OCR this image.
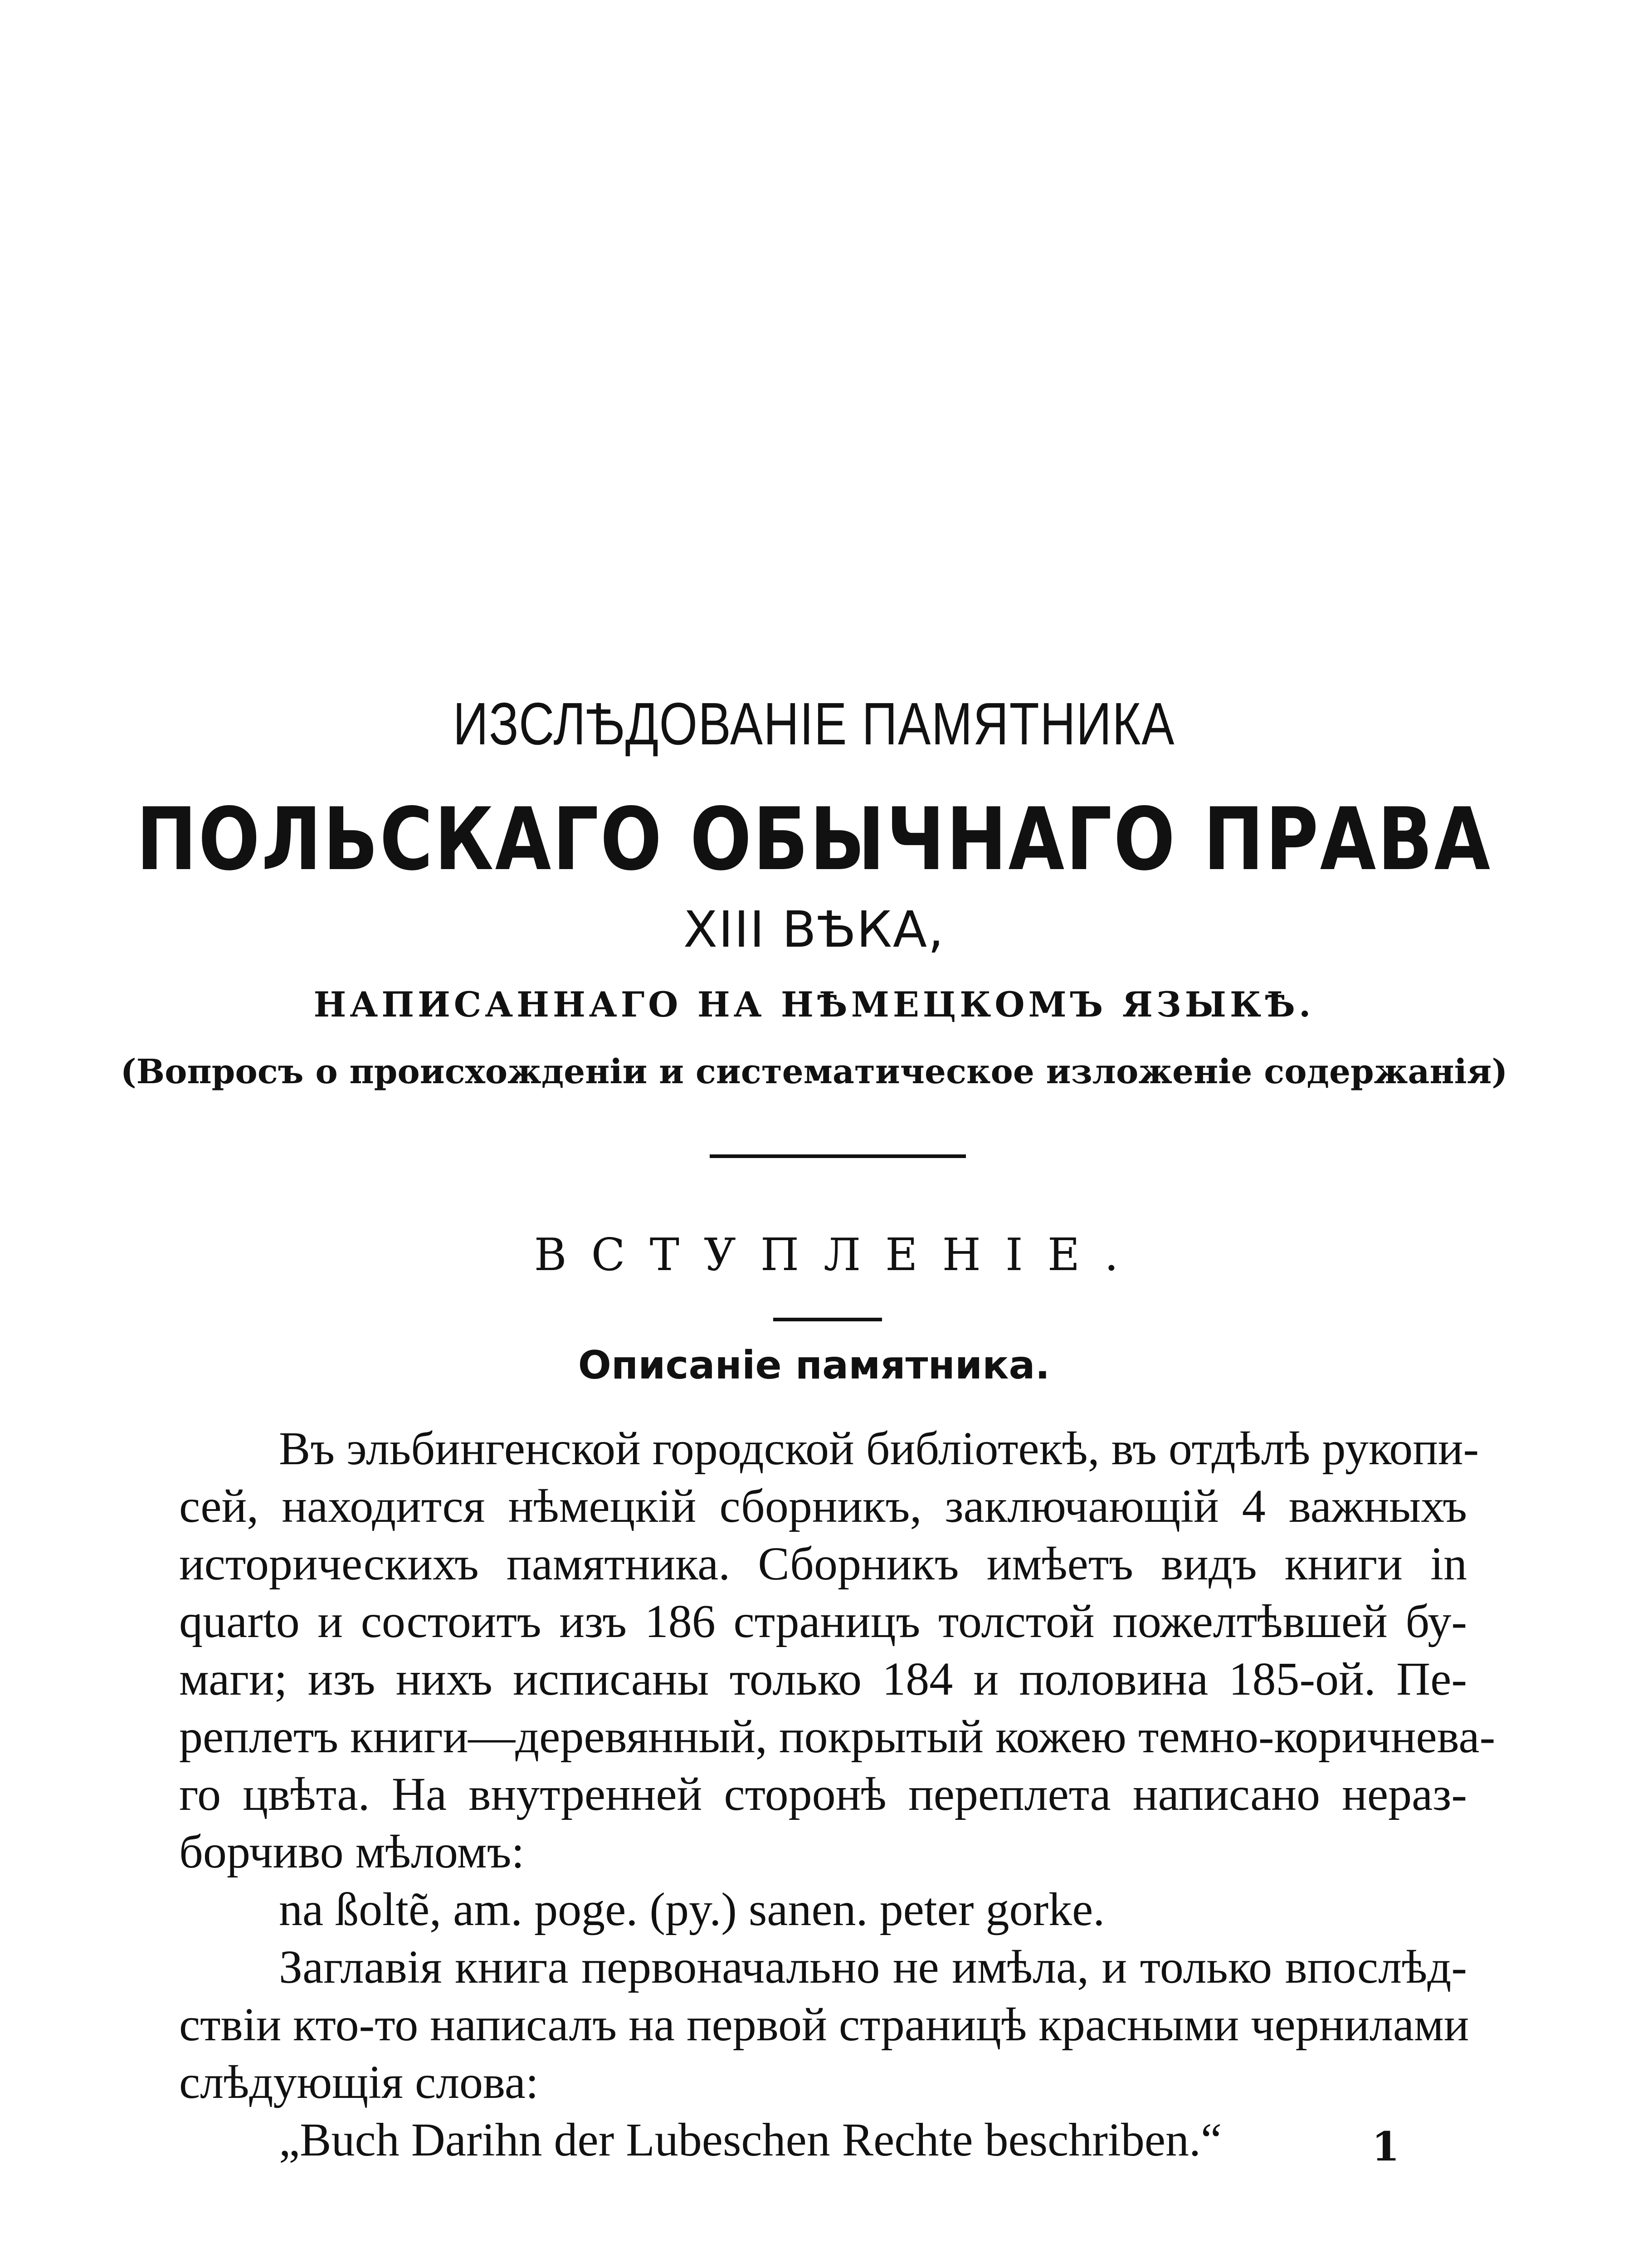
ИЗСЛѢДОВАНІЕ ПАМЯТНИКА
ПОЛЬСКАГО ОБЫЧНАГО ПРАВА
XIII ВѢКА,
НАПИСАННАГО НА НѢМЕЦКОМЪ ЯЗЫКѢ.
(Вопросъ о происхожденіи и систематическое изложеніе содержанія)
ВСТУПЛЕНІЕ.
Описаніе памятника.
Въ эльбингенской городской библіотекѣ, въ отдѣлѣ рукопи-
сей, находится нѣмецкій сборникъ, заключающій 4 важныхъ
историческихъ памятника. Сборникъ имѣетъ видъ книги in
quarto и состоитъ изъ 186 страницъ толстой пожелтѣвшей бу-
маги; изъ нихъ исписаны только 184 и половина 185-ой. Пе-
реплетъ книги—деревянный, покрытый кожею темно-коричнева-
го цвѣта. На внутренней сторонѣ переплета написано нераз-
борчиво мѣломъ:
na ßoltẽ, am. poge. (py.) sanen. peter gorke.
Заглавія книга первоначально не имѣла, и только впослѣд-
ствіи кто-то написалъ на первой страницѣ красными чернилами
слѣдующія слова:
„Buch Darihn der Lubeschen Rechte beschriben.“	1
